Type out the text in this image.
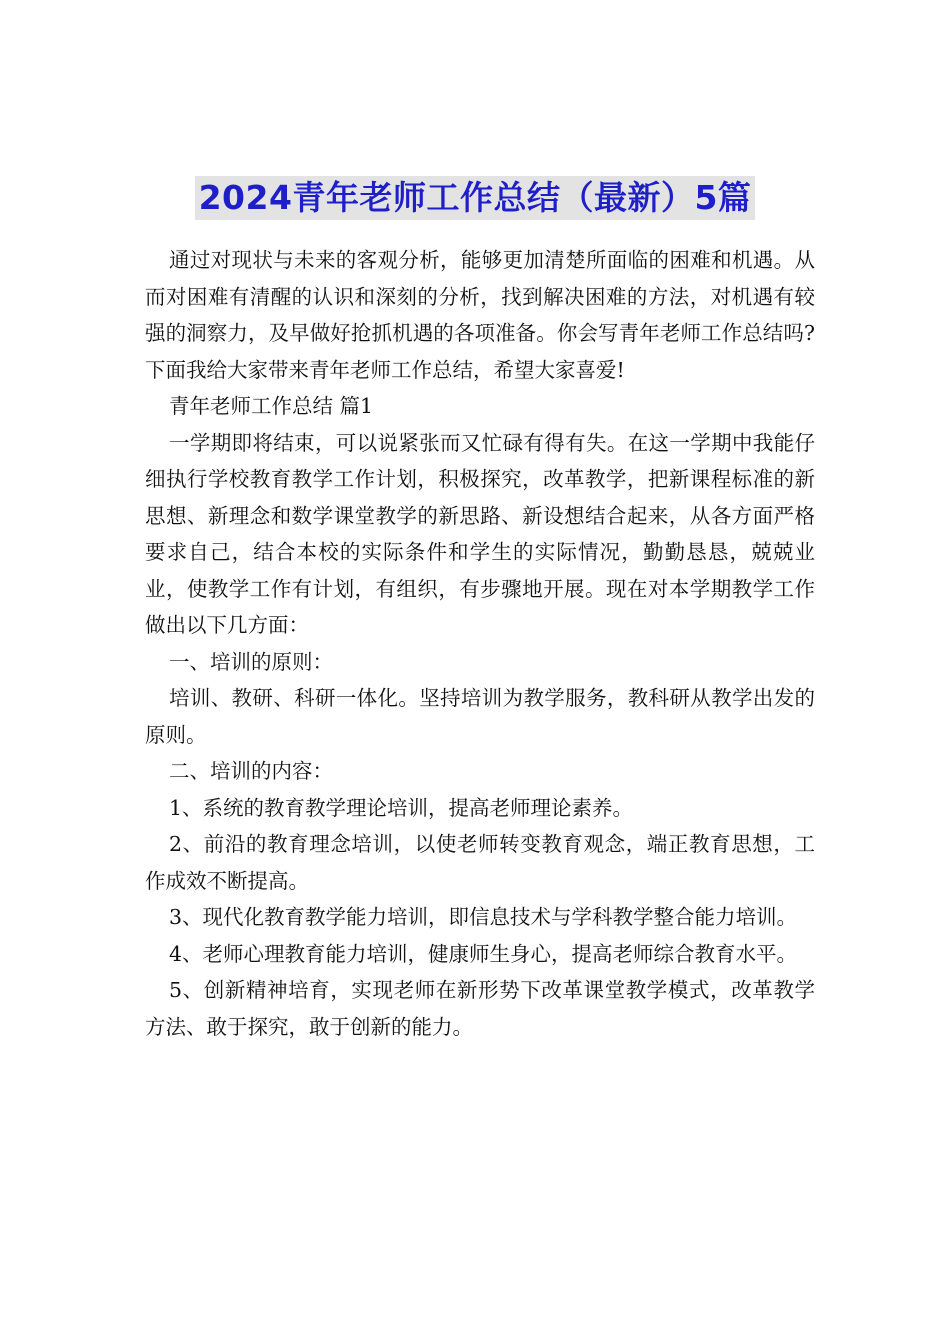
2024青年老师工作总结（最新）5篇

通过对现状与未来的客观分析，能够更加清楚所面临的困难和机遇。从而对困难有清醒的认识和深刻的分析，找到解决困难的方法，对机遇有较强的洞察力，及早做好抢抓机遇的各项准备。你会写青年老师工作总结吗?下面我给大家带来青年老师工作总结，希望大家喜爱!

青年老师工作总结 篇1

一学期即将结束，可以说紧张而又忙碌有得有失。在这一学期中我能仔细执行学校教育教学工作计划，积极探究，改革教学，把新课程标准的新思想、新理念和数学课堂教学的新思路、新设想结合起来，从各方面严格要求自己，结合本校的实际条件和学生的实际情况，勤勤恳恳，兢兢业业，使教学工作有计划，有组织，有步骤地开展。现在对本学期教学工作做出以下几方面：

一、培训的原则：

培训、教研、科研一体化。坚持培训为教学服务，教科研从教学出发的原则。

二、培训的内容：

1、系统的教育教学理论培训，提高老师理论素养。

2、前沿的教育理念培训，以使老师转变教育观念，端正教育思想，工作成效不断提高。

3、现代化教育教学能力培训，即信息技术与学科教学整合能力培训。

4、老师心理教育能力培训，健康师生身心，提高老师综合教育水平。

5、创新精神培育，实现老师在新形势下改革课堂教学模式，改革教学方法、敢于探究，敢于创新的能力。
